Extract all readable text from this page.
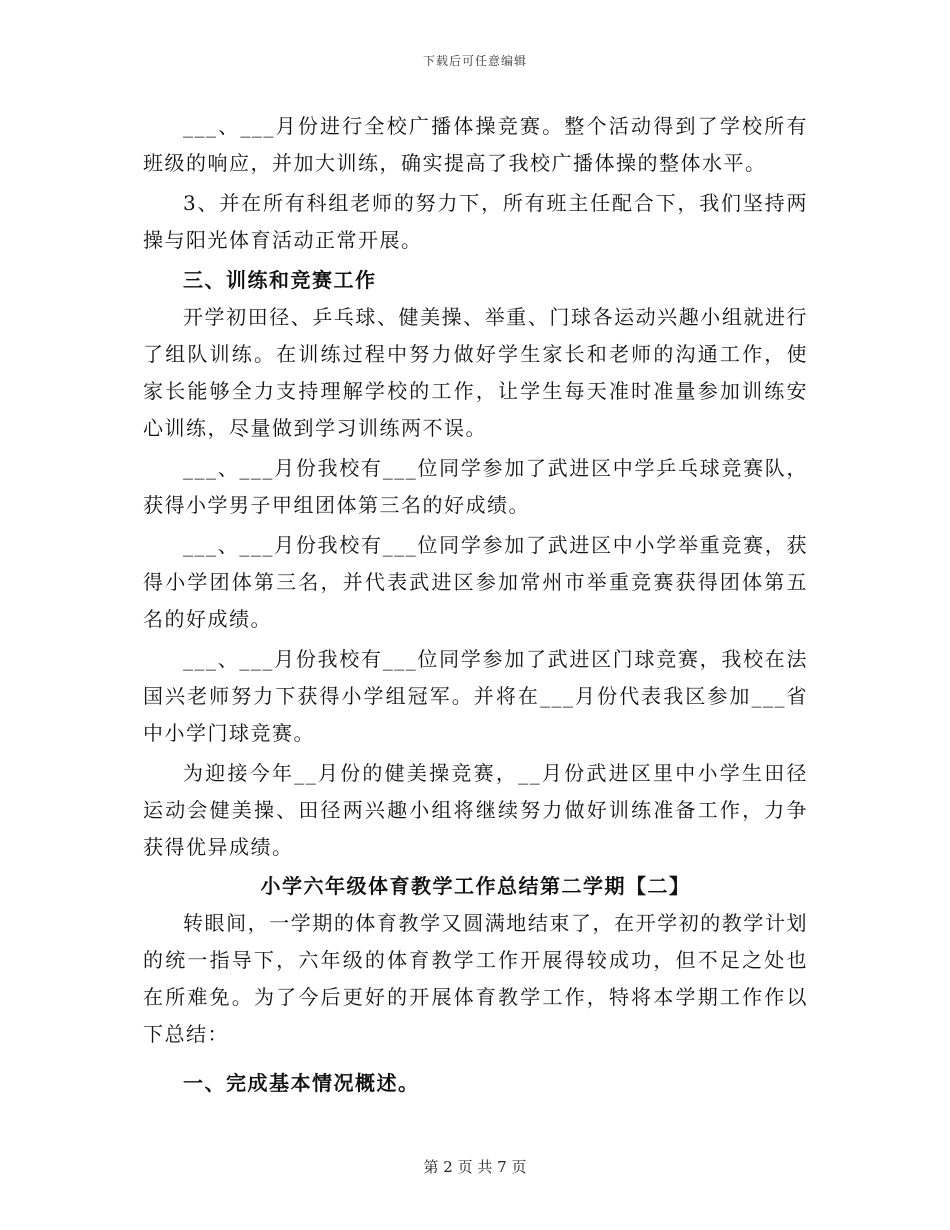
下载后可任意编辑

___、___月份进行全校广播体操竞赛。整个活动得到了学校所有班级的响应，并加大训练，确实提高了我校广播体操的整体水平。

3、并在所有科组老师的努力下，所有班主任配合下，我们坚持两操与阳光体育活动正常开展。

三、训练和竞赛工作

开学初田径、乒乓球、健美操、举重、门球各运动兴趣小组就进行了组队训练。在训练过程中努力做好学生家长和老师的沟通工作，使家长能够全力支持理解学校的工作，让学生每天准时准量参加训练安心训练，尽量做到学习训练两不误。

___、___月份我校有___位同学参加了武进区中学乒乓球竞赛队，获得小学男子甲组团体第三名的好成绩。

___、___月份我校有___位同学参加了武进区中小学举重竞赛，获得小学团体第三名，并代表武进区参加常州市举重竞赛获得团体第五名的好成绩。

___、___月份我校有___位同学参加了武进区门球竞赛，我校在法国兴老师努力下获得小学组冠军。并将在___月份代表我区参加___省中小学门球竞赛。

为迎接今年__月份的健美操竞赛，__月份武进区里中小学生田径运动会健美操、田径两兴趣小组将继续努力做好训练准备工作，力争获得优异成绩。

小学六年级体育教学工作总结第二学期【二】

转眼间，一学期的体育教学又圆满地结束了，在开学初的教学计划的统一指导下，六年级的体育教学工作开展得较成功，但不足之处也在所难免。为了今后更好的开展体育教学工作，特将本学期工作作以下总结：

一、完成基本情况概述。

第 2 页 共 7 页
